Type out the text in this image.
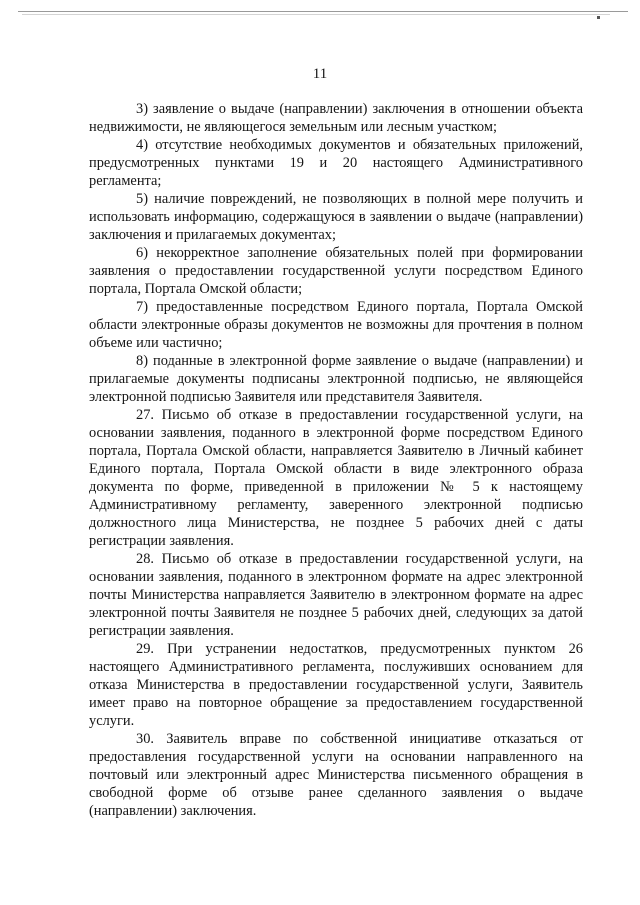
11

3) заявление о выдаче (направлении) заключения в отношении объекта недвижимости, не являющегося земельным или лесным участком;

4) отсутствие необходимых документов и обязательных приложений, предусмотренных пунктами 19 и 20 настоящего Административного регламента;

5) наличие повреждений, не позволяющих в полной мере получить и использовать информацию, содержащуюся в заявлении о выдаче (направлении) заключения и прилагаемых документах;

6) некорректное заполнение обязательных полей при формировании заявления о предоставлении государственной услуги посредством Единого портала, Портала Омской области;

7) предоставленные посредством Единого портала, Портала Омской области электронные образы документов не возможны для прочтения в полном объеме или частично;

8) поданные в электронной форме заявление о выдаче (направлении) и прилагаемые документы подписаны электронной подписью, не являющейся электронной подписью Заявителя или представителя Заявителя.

27. Письмо об отказе в предоставлении государственной услуги, на основании заявления, поданного в электронной форме посредством Единого портала, Портала Омской области, направляется Заявителю в Личный кабинет Единого портала, Портала Омской области в виде электронного образа документа по форме, приведенной в приложении № 5 к настоящему Административному регламенту, заверенного электронной подписью должностного лица Министерства, не позднее 5 рабочих дней с даты регистрации заявления.

28. Письмо об отказе в предоставлении государственной услуги, на основании заявления, поданного в электронном формате на адрес электронной почты Министерства направляется Заявителю в электронном формате на адрес электронной почты Заявителя не позднее 5 рабочих дней, следующих за датой регистрации заявления.

29. При устранении недостатков, предусмотренных пунктом 26 настоящего Административного регламента, послуживших основанием для отказа Министерства в предоставлении государственной услуги, Заявитель имеет право на повторное обращение за предоставлением государственной услуги.

30. Заявитель вправе по собственной инициативе отказаться от предоставления государственной услуги на основании направленного на почтовый или электронный адрес Министерства письменного обращения в свободной форме об отзыве ранее сделанного заявления о выдаче (направлении) заключения.
